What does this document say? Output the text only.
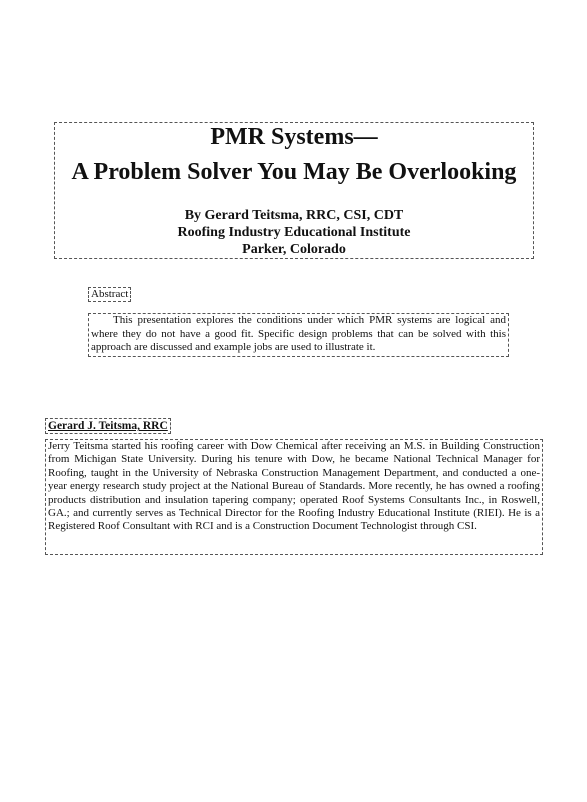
PMR Systems—
A Problem Solver You May Be Overlooking
By Gerard Teitsma, RRC, CSI, CDT
Roofing Industry Educational Institute
Parker, Colorado
Abstract
This presentation explores the conditions under which PMR systems are logical and where they do not have a good fit. Specific design problems that can be solved with this approach are discussed and example jobs are used to illustrate it.
Gerard J. Teitsma, RRC
Jerry Teitsma started his roofing career with Dow Chemical after receiving an M.S. in Building Construction from Michigan State University. During his tenure with Dow, he became National Technical Manager for Roofing, taught in the University of Nebraska Construction Management Department, and conducted a one-year energy research study project at the National Bureau of Standards. More recently, he has owned a roofing products distribution and insulation tapering company; operated Roof Systems Consultants Inc., in Roswell, GA.; and currently serves as Technical Director for the Roofing Industry Educational Institute (RIEI). He is a Registered Roof Consultant with RCI and is a Construction Document Technologist through CSI.
